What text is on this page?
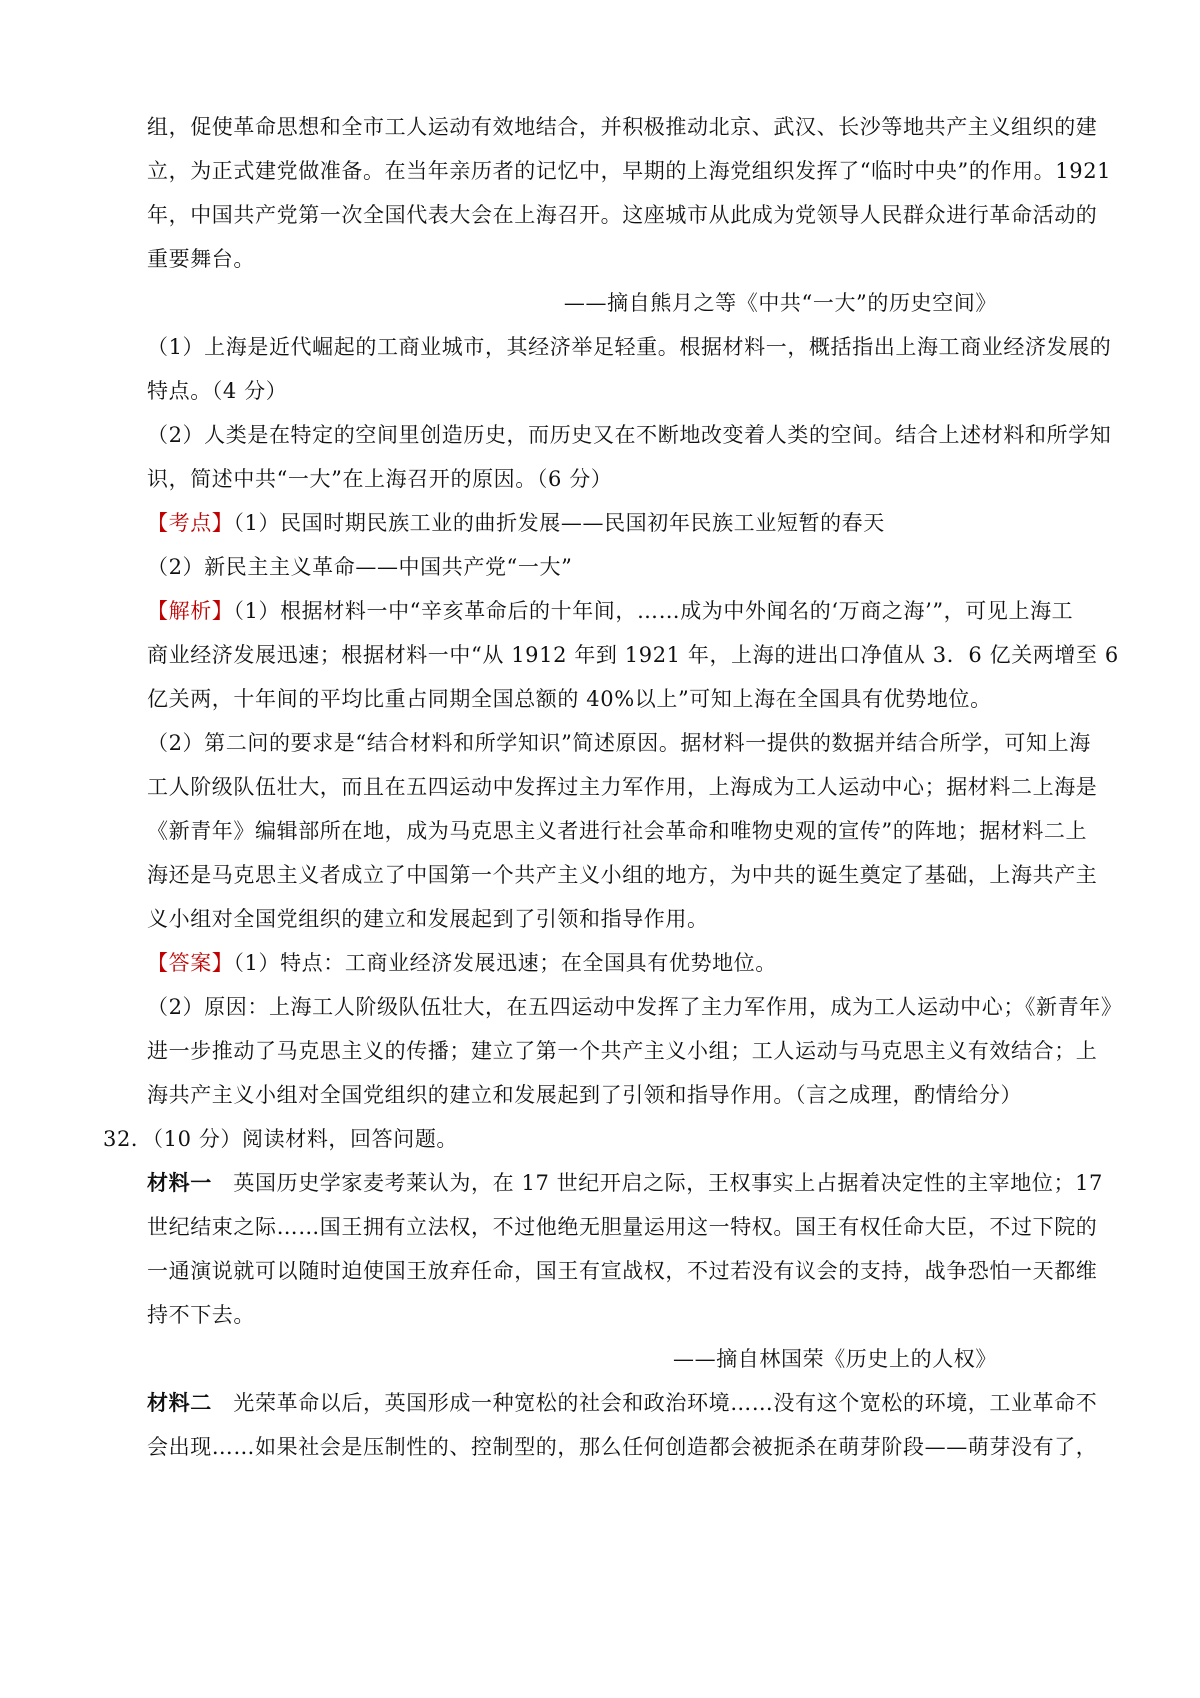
组，促使革命思想和全市工人运动有效地结合，并积极推动北京、武汉、长沙等地共产主义组织的建
立，为正式建党做准备。在当年亲历者的记忆中，早期的上海党组织发挥了“临时中央”的作用。1921
年，中国共产党第一次全国代表大会在上海召开。这座城市从此成为党领导人民群众进行革命活动的
重要舞台。
——摘自熊月之等《中共“一大”的历史空间》
（1）上海是近代崛起的工商业城市，其经济举足轻重。根据材料一，概括指出上海工商业经济发展的
特点。（4 分）
（2）人类是在特定的空间里创造历史，而历史又在不断地改变着人类的空间。结合上述材料和所学知
识，简述中共“一大”在上海召开的原因。（6 分）
【考点】（1）民国时期民族工业的曲折发展——民国初年民族工业短暂的春天
（2）新民主主义革命——中国共产党“一大”
【解析】（1）根据材料一中“辛亥革命后的十年间，……成为中外闻名的‘万商之海’”，可见上海工
商业经济发展迅速；根据材料一中“从 1912 年到 1921 年，上海的进出口净值从 3．6 亿关两增至 6
亿关两，十年间的平均比重占同期全国总额的 40%以上”可知上海在全国具有优势地位。
（2）第二问的要求是“结合材料和所学知识”简述原因。据材料一提供的数据并结合所学，可知上海
工人阶级队伍壮大，而且在五四运动中发挥过主力军作用，上海成为工人运动中心；据材料二上海是
《新青年》编辑部所在地，成为马克思主义者进行社会革命和唯物史观的宣传”的阵地；据材料二上
海还是马克思主义者成立了中国第一个共产主义小组的地方，为中共的诞生奠定了基础，上海共产主
义小组对全国党组织的建立和发展起到了引领和指导作用。
【答案】（1）特点：工商业经济发展迅速；在全国具有优势地位。
（2）原因：上海工人阶级队伍壮大，在五四运动中发挥了主力军作用，成为工人运动中心；《新青年》
进一步推动了马克思主义的传播；建立了第一个共产主义小组；工人运动与马克思主义有效结合；上
海共产主义小组对全国党组织的建立和发展起到了引领和指导作用。（言之成理，酌情给分）
32．（10 分）阅读材料，回答问题。
材料一　英国历史学家麦考莱认为，在 17 世纪开启之际，王权事实上占据着决定性的主宰地位；17
世纪结束之际……国王拥有立法权，不过他绝无胆量运用这一特权。国王有权任命大臣，不过下院的
一通演说就可以随时迫使国王放弃任命，国王有宣战权，不过若没有议会的支持，战争恐怕一天都维
持不下去。
——摘自林国荣《历史上的人权》
材料二　光荣革命以后，英国形成一种宽松的社会和政治环境……没有这个宽松的环境，工业革命不
会出现……如果社会是压制性的、控制型的，那么任何创造都会被扼杀在萌芽阶段——萌芽没有了，
